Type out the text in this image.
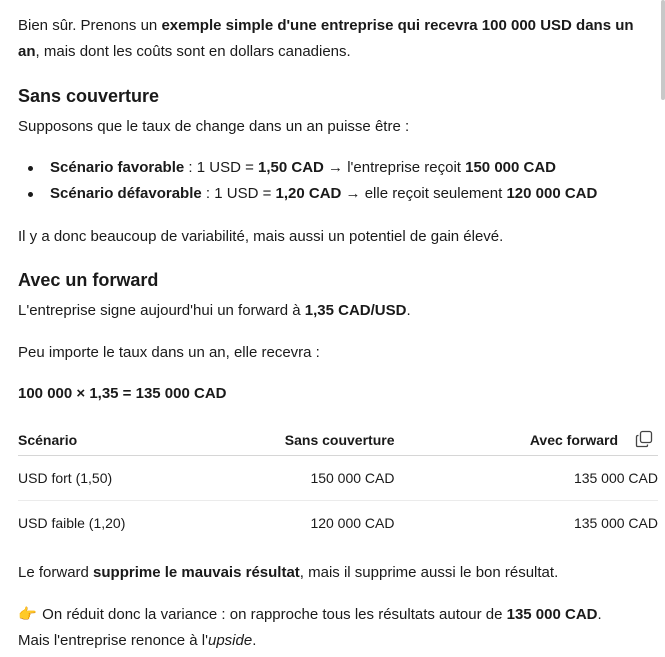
Bien sûr. Prenons un exemple simple d'une entreprise qui recevra 100 000 USD dans un an, mais dont les coûts sont en dollars canadiens.

Sans couverture

Supposons que le taux de change dans un an puisse être :

Scénario favorable : 1 USD = 1,50 CAD → l'entreprise reçoit 150 000 CAD
Scénario défavorable : 1 USD = 1,20 CAD → elle reçoit seulement 120 000 CAD

Il y a donc beaucoup de variabilité, mais aussi un potentiel de gain élevé.

Avec un forward

L'entreprise signe aujourd'hui un forward à 1,35 CAD/USD.

Peu importe le taux dans un an, elle recevra :

100 000 × 1,35 = 135 000 CAD

Scénario	Sans couverture	Avec forward
USD fort (1,50)	150 000 CAD	135 000 CAD
USD faible (1,20)	120 000 CAD	135 000 CAD

Le forward supprime le mauvais résultat, mais il supprime aussi le bon résultat.

👉 On réduit donc la variance : on rapproche tous les résultats autour de 135 000 CAD.
Mais l'entreprise renonce à l'upside.
